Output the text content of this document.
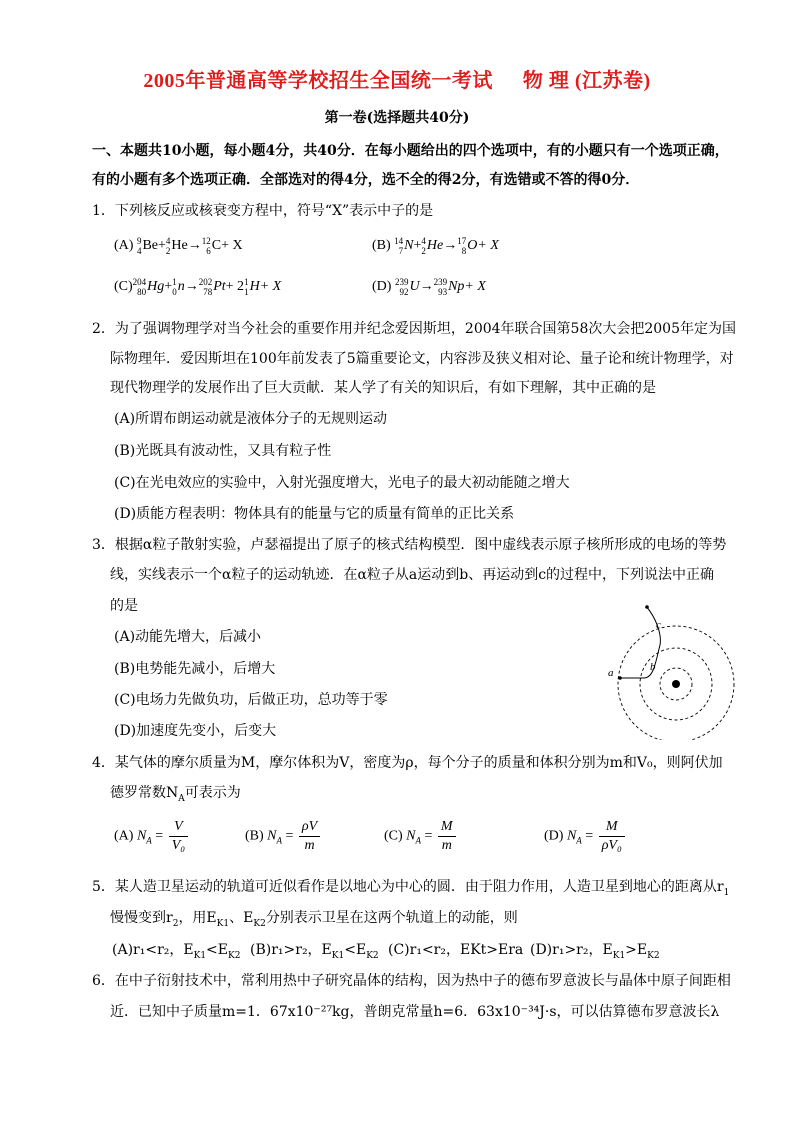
2005年普通高等学校招生全国统一考试 物 理 (江苏卷)
第一卷(选择题共40分)
一、本题共10小题，每小题4分，共40分．在每小题给出的四个选项中，有的小题只有一个选项正确，
有的小题有多个选项正确．全部选对的得4分，选不全的得2分，有选错或不答的得0分．
1．下列核反应或核衰变方程中，符号“X”表示中子的是
(A) 9
4 Be+ 4
2 He→ 12
6 C+ X	(B) 14
7 N+ 4
2 He→ 17
8 O+ X
(C) 204
80 Hg+ 1
0 n→ 202
78 Pt+ 2 1
1 H+ X	(D) 239
92 U→ 239
93 Np+ X
2．为了强调物理学对当今社会的重要作用并纪念爱因斯坦，2004年联合国第58次大会把2005年定为国
际物理年．爱因斯坦在100年前发表了5篇重要论文，内容涉及狭义相对论、量子论和统计物理学，对
现代物理学的发展作出了巨大贡献．某人学了有关的知识后，有如下理解，其中正确的是
(A)所谓布朗运动就是液体分子的无规则运动
(B)光既具有波动性，又具有粒子性
(C)在光电效应的实验中，入射光强度增大，光电子的最大初动能随之增大
(D)质能方程表明：物体具有的能量与它的质量有简单的正比关系
3．根据α粒子散射实验，卢瑟福提出了原子的核式结构模型．图中虚线表示原子核所形成的电场的等势
线，实线表示一个α粒子的运动轨迹．在α粒子从a运动到b、再运动到c的过程中，下列说法中正确
的是
(A)动能先增大，后减小
(B)电势能先减小，后增大
(C)电场力先做负功，后做正功，总功等于零
(D)加速度先变小，后变大
a	b
c
4．某气体的摩尔质量为M，摩尔体积为V，密度为ρ，每个分子的质量和体积分别为m和V₀，则阿伏加
德罗常数$N_A$可表示为
(A) $N_A = \frac{V}{\text{V₀}}$	(B) $N_A = \frac{\rho V}{m}$	(C) $N_A = \frac{M}{m}$	(D) $N_A = \frac{M}{\text{ρV₀}}$
5．某人造卫星运动的轨道可近似看作是以地心为中心的圆．由于阻力作用，人造卫星到地心的距离从$r_1$
慢慢变到$r_2$，用$E_{K1}$、$E_{K2}$分别表示卫星在这两个轨道上的动能，则
(A)r₁<r₂，$E_{K1}<E_{K2}$ (B)r₁>r₂，$E_{K1}<E_{K2}$ (C)r₁<r₂，EKt>Era (D)r₁>r₂，$E_{K1}>E_{K2}$
6．在中子衍射技术中，常利用热中子研究晶体的结构，因为热中子的德布罗意波长与晶体中原子间距相
近．已知中子质量m=1．67x10⁻²⁷kg，普朗克常量h=6．63x10⁻³⁴J·s，可以估算德布罗意波长λ
